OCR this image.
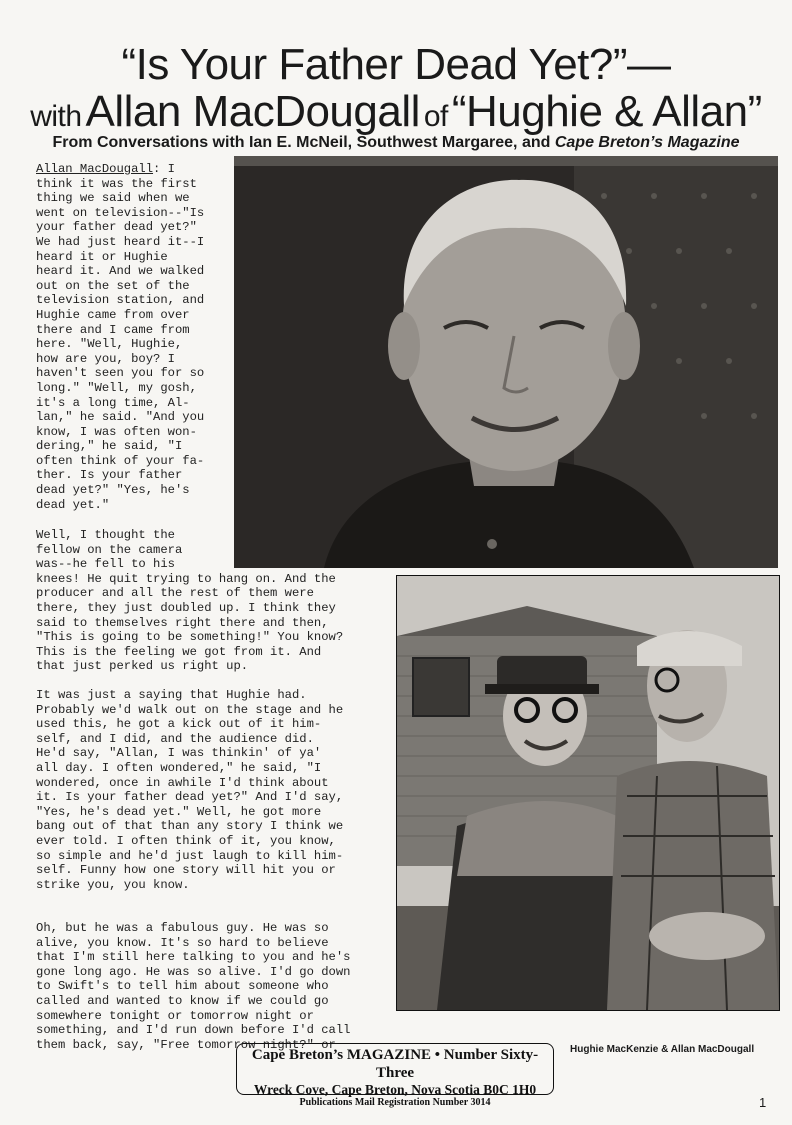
“Is Your Father Dead Yet?”—
with Allan MacDougall of “Hughie & Allan”
From Conversations with Ian E. McNeil, Southwest Margaree, and Cape Breton’s Magazine
Allan MacDougall: I
think it was the first
thing we said when we
went on television--"Is
your father dead yet?"
We had just heard it--I
heard it or Hughie
heard it. And we walked
out on the set of the
television station, and
Hughie came from over
there and I came from
here. "Well, Hughie,
how are you, boy? I
haven't seen you for so
long." "Well, my gosh,
it's a long time, Al-
lan," he said. "And you
know, I was often won-
dering," he said, "I
often think of your fa-
ther. Is your father
dead yet?" "Yes, he's
dead yet."
Well, I thought the
fellow on the camera
was--he fell to his
knees! He quit trying to hang on. And the
producer and all the rest of them were
there, they just doubled up. I think they
said to themselves right there and then,
"This is going to be something!" You know?
This is the feeling we got from it. And
that just perked us right up.
It was just a saying that Hughie had.
Probably we'd walk out on the stage and he
used this, he got a kick out of it him-
self, and I did, and the audience did.
He'd say, "Allan, I was thinkin' of ya'
all day. I often wondered," he said, "I
wondered, once in awhile I'd think about
it. Is your father dead yet?" And I'd say,
"Yes, he's dead yet." Well, he got more
bang out of that than any story I think we
ever told. I often think of it, you know,
so simple and he'd just laugh to kill him-
self. Funny how one story will hit you or
strike you, you know.
Oh, but he was a fabulous guy. He was so
alive, you know. It's so hard to believe
that I'm still here talking to you and he's
gone long ago. He was so alive. I'd go down
to Swift's to tell him about someone who
called and wanted to know if we could go
somewhere tonight or tomorrow night or
something, and I'd run down before I'd call
them back, say, "Free tomorrow night?" or	Hughie MacKenzie & Allan MacDougall
Cape Breton’s MAGAZINE • Number Sixty-Three
Wreck Cove, Cape Breton, Nova Scotia B0C 1H0
Publications Mail Registration Number 3014	1
